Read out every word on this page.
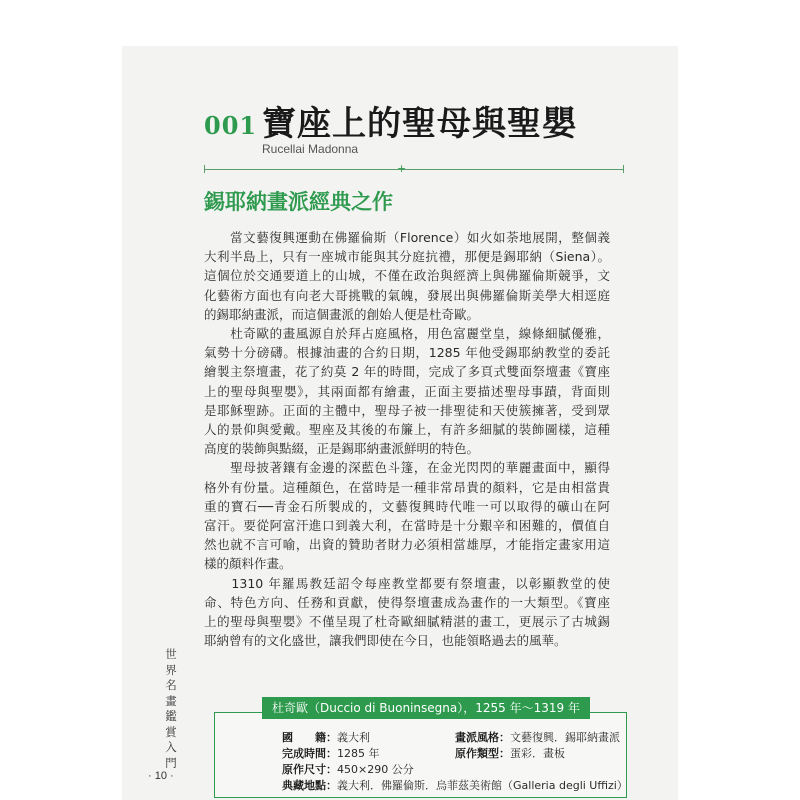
001 寶座上的聖母與聖嬰
Rucellai Madonna
+
錫耶納畫派經典之作

　　當文藝復興運動在佛羅倫斯（Florence）如火如荼地展開，整個義
大利半島上，只有一座城市能與其分庭抗禮，那便是錫耶納（Siena）。
這個位於交通要道上的山城，不僅在政治與經濟上與佛羅倫斯競爭，文
化藝術方面也有向老大哥挑戰的氣魄，發展出與佛羅倫斯美學大相逕庭
的錫耶納畫派，而這個畫派的創始人便是杜奇歐。

　　杜奇歐的畫風源自於拜占庭風格，用色富麗堂皇，線條細膩優雅，
氣勢十分磅礴。根據油畫的合約日期，1285 年他受錫耶納教堂的委託
繪製主祭壇畫，花了約莫 2 年的時間，完成了多頁式雙面祭壇畫《寶座
上的聖母與聖嬰》，其兩面都有繪畫，正面主要描述聖母事蹟，背面則
是耶穌聖跡。正面的主體中，聖母子被一排聖徒和天使簇擁著，受到眾
人的景仰與愛戴。聖座及其後的布簾上，有許多細膩的裝飾圖樣，這種
高度的裝飾與點綴，正是錫耶納畫派鮮明的特色。

　　聖母披著鑲有金邊的深藍色斗篷，在金光閃閃的華麗畫面中，顯得
格外有份量。這種顏色，在當時是一種非常昂貴的顏料，它是由相當貴
重的寶石──青金石所製成的，文藝復興時代唯一可以取得的礦山在阿
富汗。要從阿富汗進口到義大利，在當時是十分艱辛和困難的，價值自
然也就不言可喻，出資的贊助者財力必須相當雄厚，才能指定畫家用這
樣的顏料作畫。

　　1310 年羅馬教廷詔令每座教堂都要有祭壇畫，以彰顯教堂的使
命、特色方向、任務和貢獻，使得祭壇畫成為畫作的一大類型。《寶座
上的聖母與聖嬰》不僅呈現了杜奇歐細膩精湛的畫工，更展示了古城錫
耶納曾有的文化盛世，讓我們即使在今日，也能領略過去的風華。

世
界
名
畫
鑑
賞
入
門
· 10 ·
杜奇歐（Duccio di Buoninsegna），1255 年～1319 年
國　　籍：義大利	畫派風格：文藝復興．錫耶納畫派
完成時間：1285 年	原作類型：蛋彩．畫板
原作尺寸：450×290 公分
典藏地點：義大利．佛羅倫斯．烏菲茲美術館（Galleria degli Uffizi）
